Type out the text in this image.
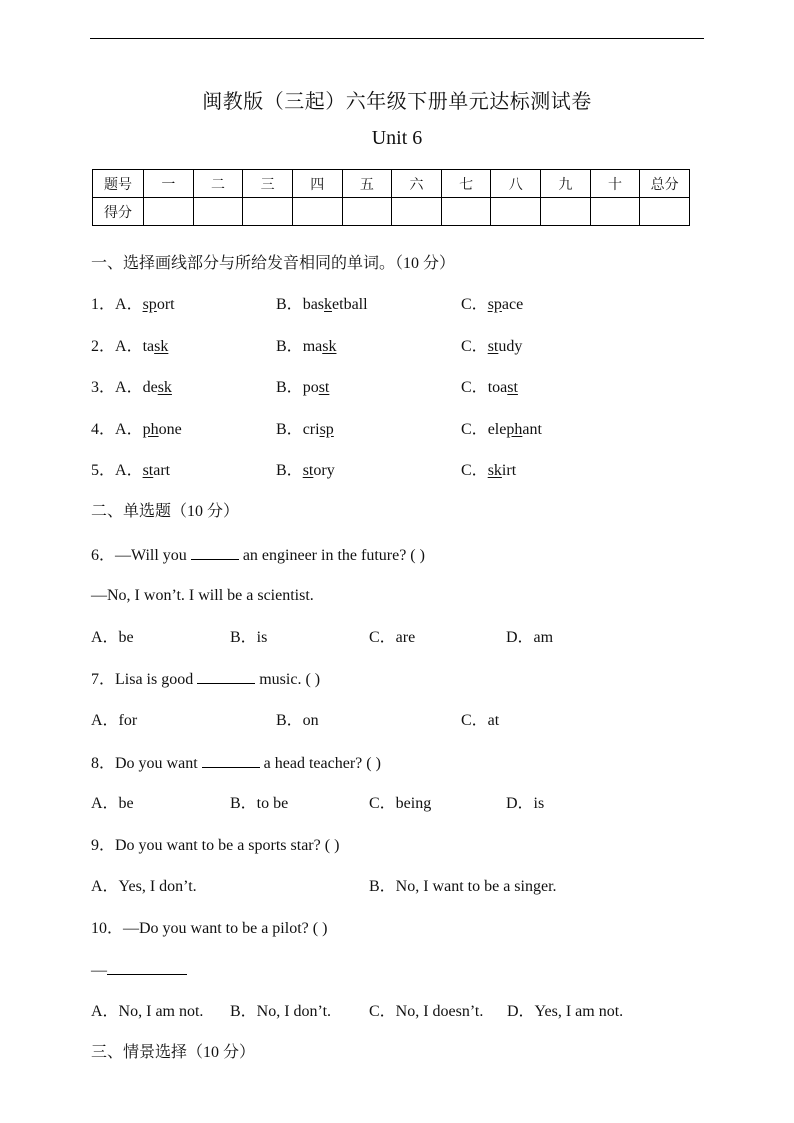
闽教版（三起）六年级下册单元达标测试卷
Unit 6
题号	一	二	三	四	五	六	七	八	九	十	总分
得分											
一、选择画线部分与所给发音相同的单词。（10 分）
1．A．sport	B．basketball	C．space
2．A．task	B．mask	C．study
3．A．desk	B．post	C．toast
4．A．phone	B．crisp	C．elephant
5．A．start	B．story	C．skirt
二、单选题（10 分）
6．—Will you	an engineer in the future? ( )
—No, I won’t. I will be a scientist.
A．be	B．is	C．are	D．am
7．Lisa is good	music. ( )
A．for	B．on	C．at
8．Do you want	a head teacher? ( )
A．be	B．to be	C．being	D．is
9．Do you want to be a sports star? ( )
A．Yes, I don’t.	B．No, I want to be a singer.
10．—Do you want to be a pilot? ( )
—
A．No, I am not. B．No, I don’t. C．No, I doesn’t. D．Yes, I am not.
三、情景选择（10 分）
